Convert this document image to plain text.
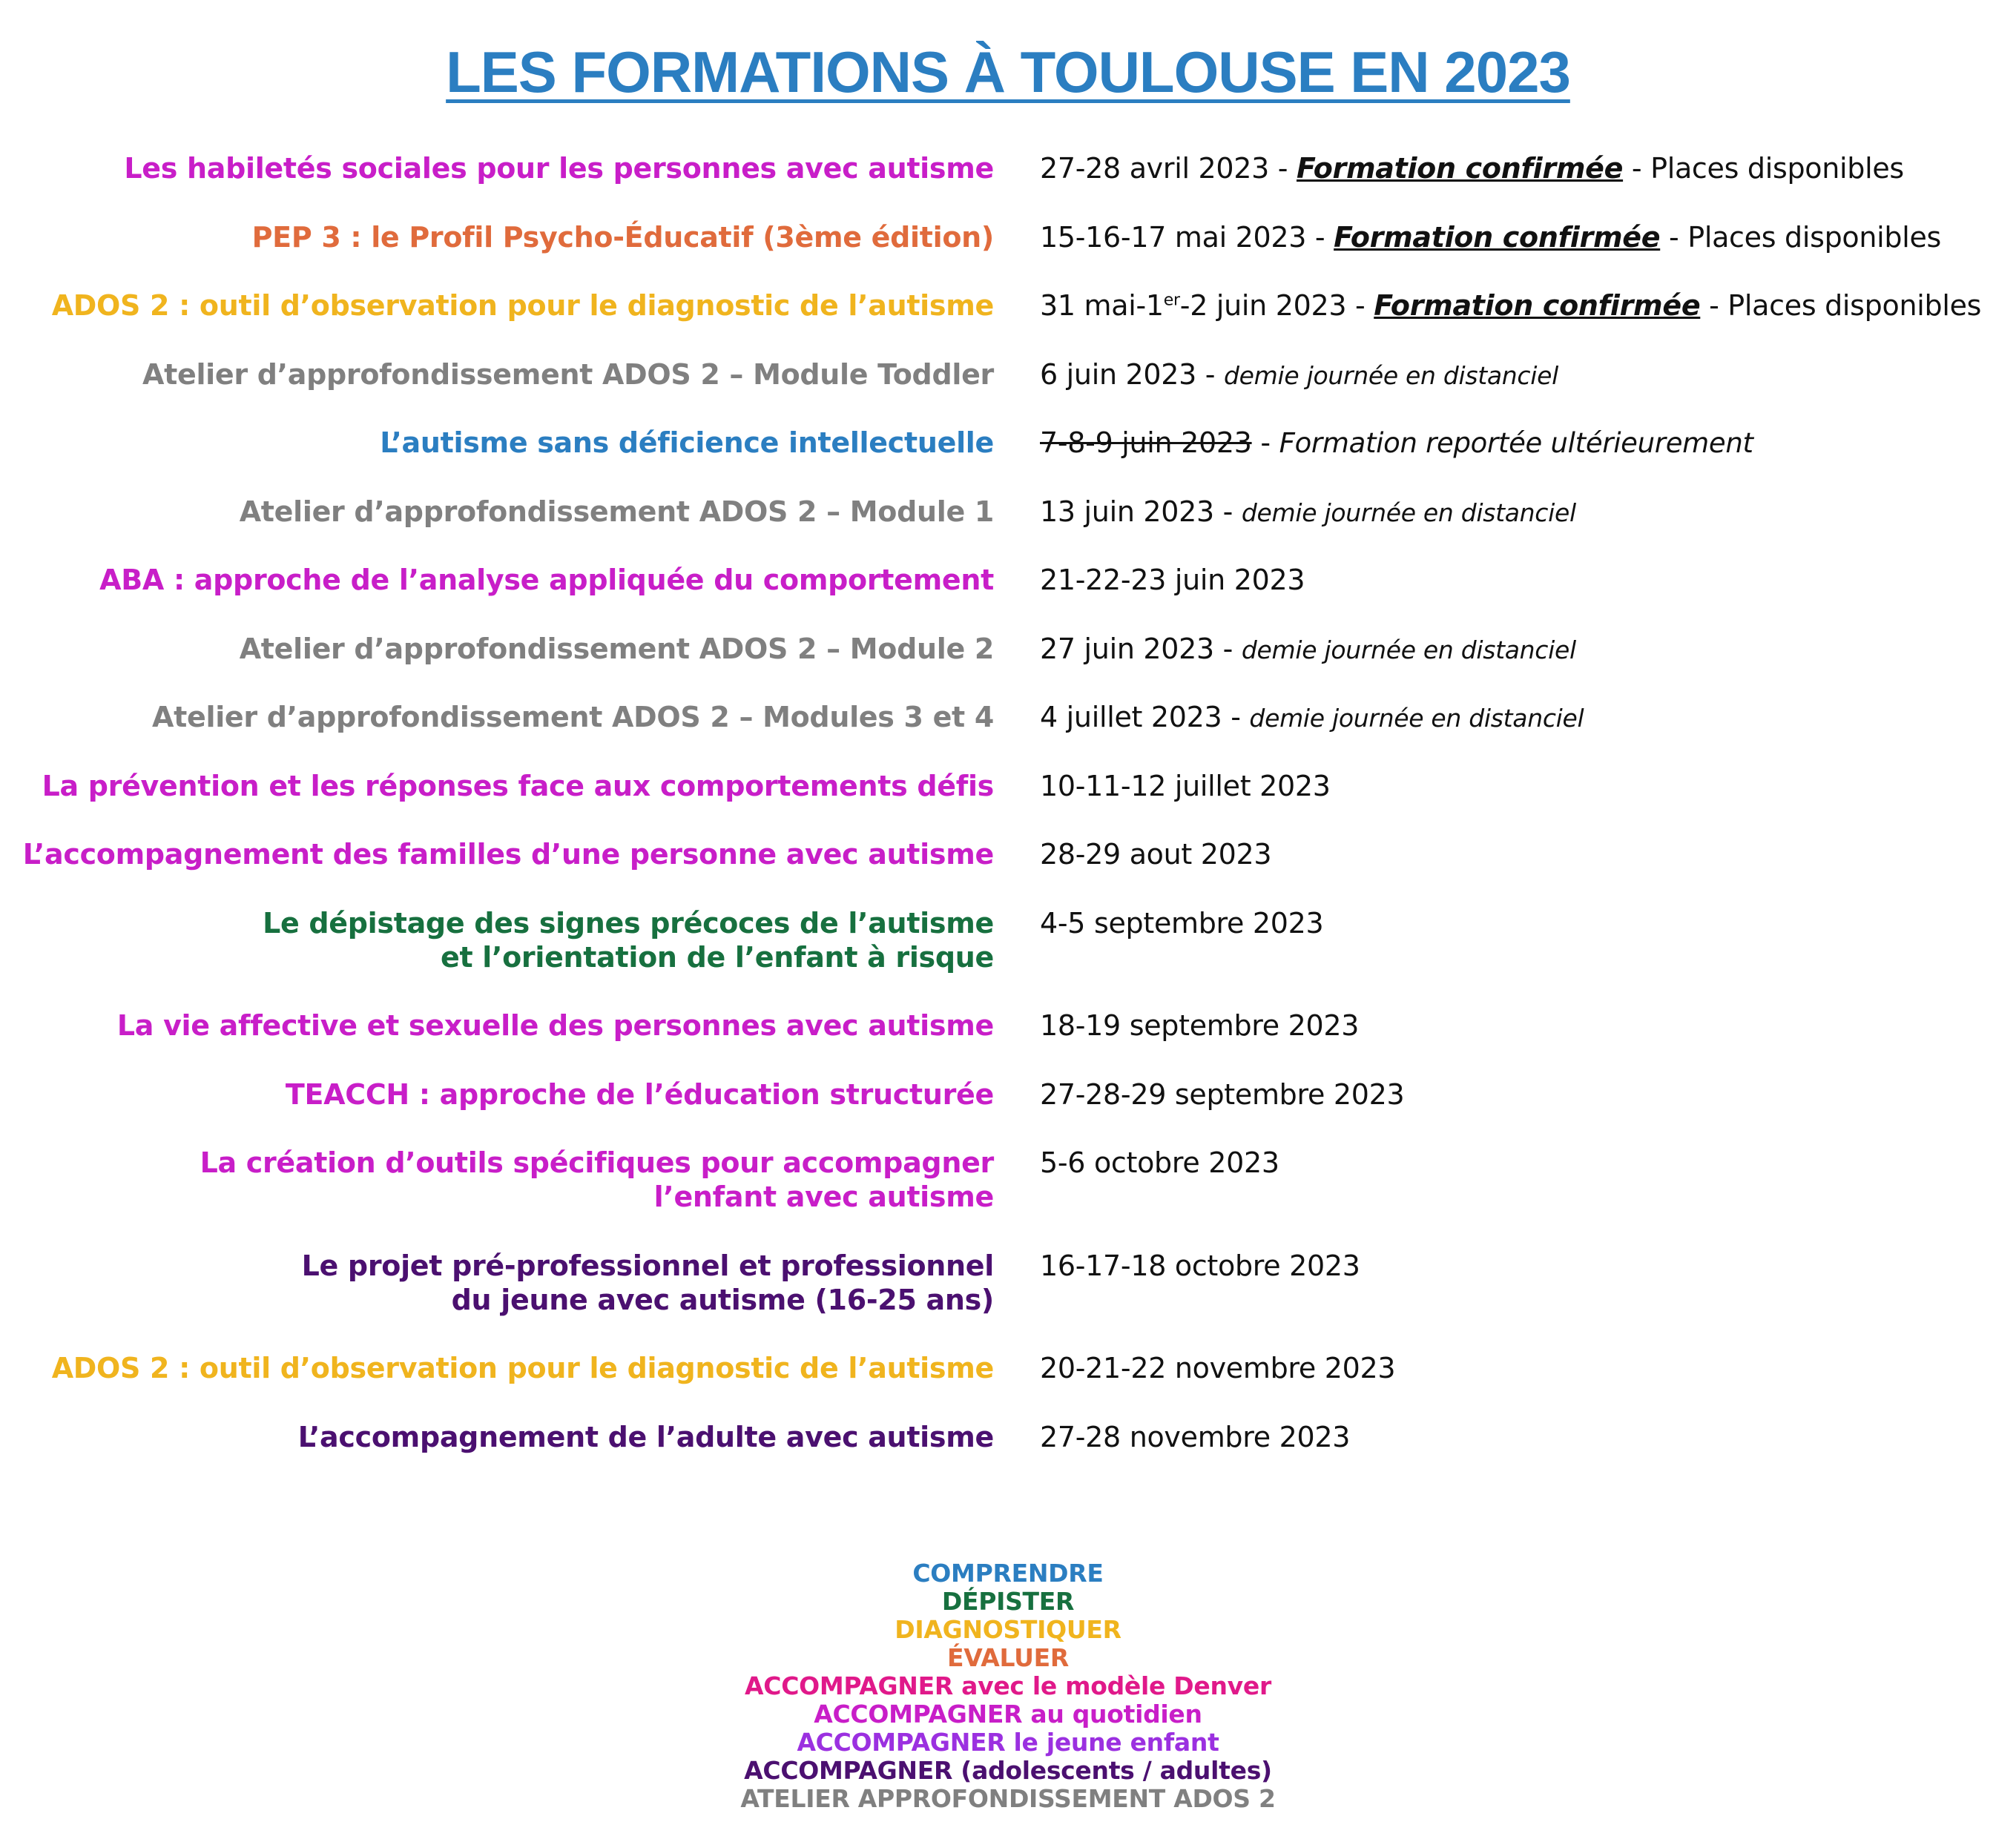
LES FORMATIONS À TOULOUSE EN 2023
Les habiletés sociales pour les personnes avec autisme 27-28 avril 2023 - Formation confirmée - Places disponibles
PEP 3 : le Profil Psycho-Éducatif (3ème édition) 15-16-17 mai 2023 - Formation confirmée - Places disponibles
ADOS 2 : outil d’observation pour le diagnostic de l’autisme 31 mai-1er-2 juin 2023 - Formation confirmée - Places disponibles
Atelier d’approfondissement ADOS 2 – Module Toddler 6 juin 2023 - demie journée en distanciel
L’autisme sans déficience intellectuelle 7-8-9 juin 2023 - Formation reportée ultérieurement
Atelier d’approfondissement ADOS 2 – Module 1 13 juin 2023 - demie journée en distanciel
ABA : approche de l’analyse appliquée du comportement 21-22-23 juin 2023
Atelier d’approfondissement ADOS 2 – Module 2 27 juin 2023 - demie journée en distanciel
Atelier d’approfondissement ADOS 2 – Modules 3 et 4 4 juillet 2023 - demie journée en distanciel
La prévention et les réponses face aux comportements défis 10-11-12 juillet 2023
L’accompagnement des familles d’une personne avec autisme 28-29 aout 2023
Le dépistage des signes précoces de l’autisme
et l’orientation de l’enfant à risque
4-5 septembre 2023
La vie affective et sexuelle des personnes avec autisme 18-19 septembre 2023
TEACCH : approche de l’éducation structurée 27-28-29 septembre 2023
La création d’outils spécifiques pour accompagner
l’enfant avec autisme
5-6 octobre 2023
Le projet pré-professionnel et professionnel
du jeune avec autisme (16-25 ans)
16-17-18 octobre 2023
ADOS 2 : outil d’observation pour le diagnostic de l’autisme 20-21-22 novembre 2023
L’accompagnement de l’adulte avec autisme 27-28 novembre 2023
COMPRENDRE
DÉPISTER
DIAGNOSTIQUER
ÉVALUER
ACCOMPAGNER avec le modèle Denver
ACCOMPAGNER au quotidien
ACCOMPAGNER le jeune enfant
ACCOMPAGNER (adolescents / adultes)
ATELIER APPROFONDISSEMENT ADOS 2
